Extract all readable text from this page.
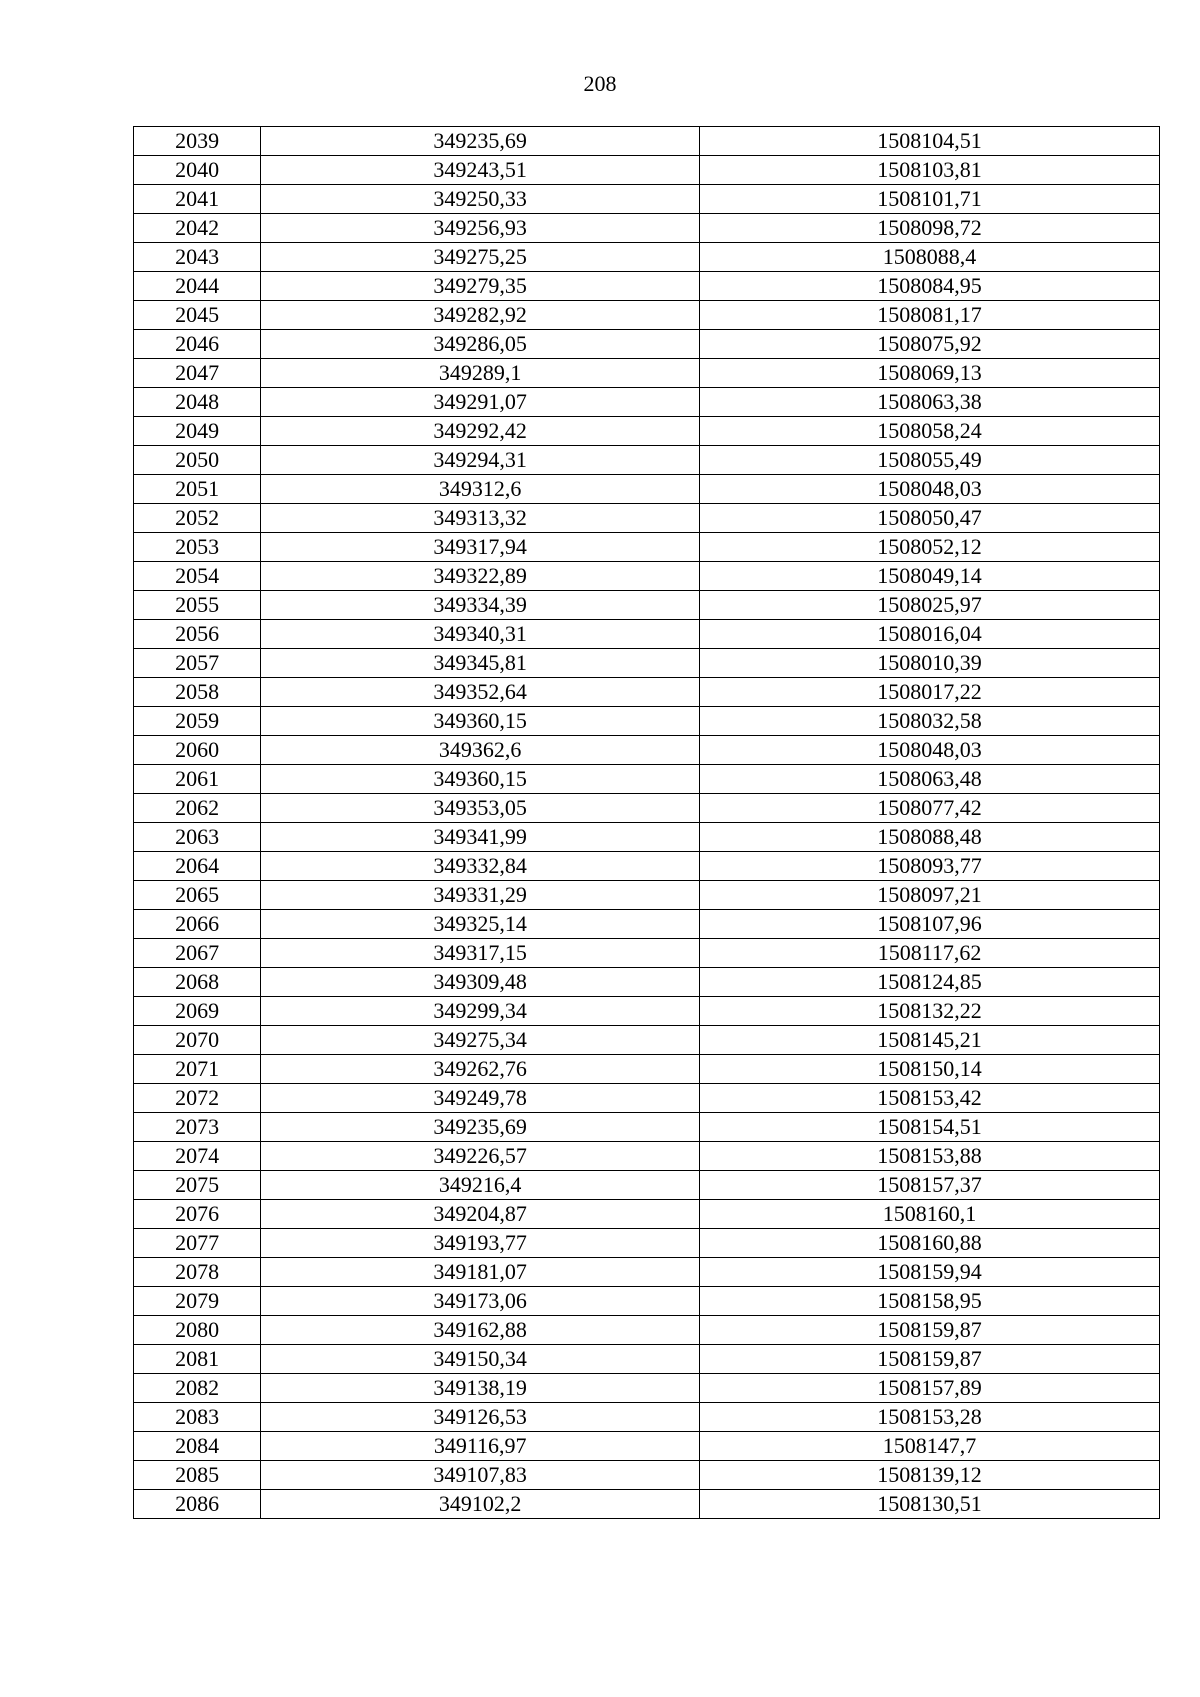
208
2039	349235,69	1508104,51
2040	349243,51	1508103,81
2041	349250,33	1508101,71
2042	349256,93	1508098,72
2043	349275,25	1508088,4
2044	349279,35	1508084,95
2045	349282,92	1508081,17
2046	349286,05	1508075,92
2047	349289,1	1508069,13
2048	349291,07	1508063,38
2049	349292,42	1508058,24
2050	349294,31	1508055,49
2051	349312,6	1508048,03
2052	349313,32	1508050,47
2053	349317,94	1508052,12
2054	349322,89	1508049,14
2055	349334,39	1508025,97
2056	349340,31	1508016,04
2057	349345,81	1508010,39
2058	349352,64	1508017,22
2059	349360,15	1508032,58
2060	349362,6	1508048,03
2061	349360,15	1508063,48
2062	349353,05	1508077,42
2063	349341,99	1508088,48
2064	349332,84	1508093,77
2065	349331,29	1508097,21
2066	349325,14	1508107,96
2067	349317,15	1508117,62
2068	349309,48	1508124,85
2069	349299,34	1508132,22
2070	349275,34	1508145,21
2071	349262,76	1508150,14
2072	349249,78	1508153,42
2073	349235,69	1508154,51
2074	349226,57	1508153,88
2075	349216,4	1508157,37
2076	349204,87	1508160,1
2077	349193,77	1508160,88
2078	349181,07	1508159,94
2079	349173,06	1508158,95
2080	349162,88	1508159,87
2081	349150,34	1508159,87
2082	349138,19	1508157,89
2083	349126,53	1508153,28
2084	349116,97	1508147,7
2085	349107,83	1508139,12
2086	349102,2	1508130,51
